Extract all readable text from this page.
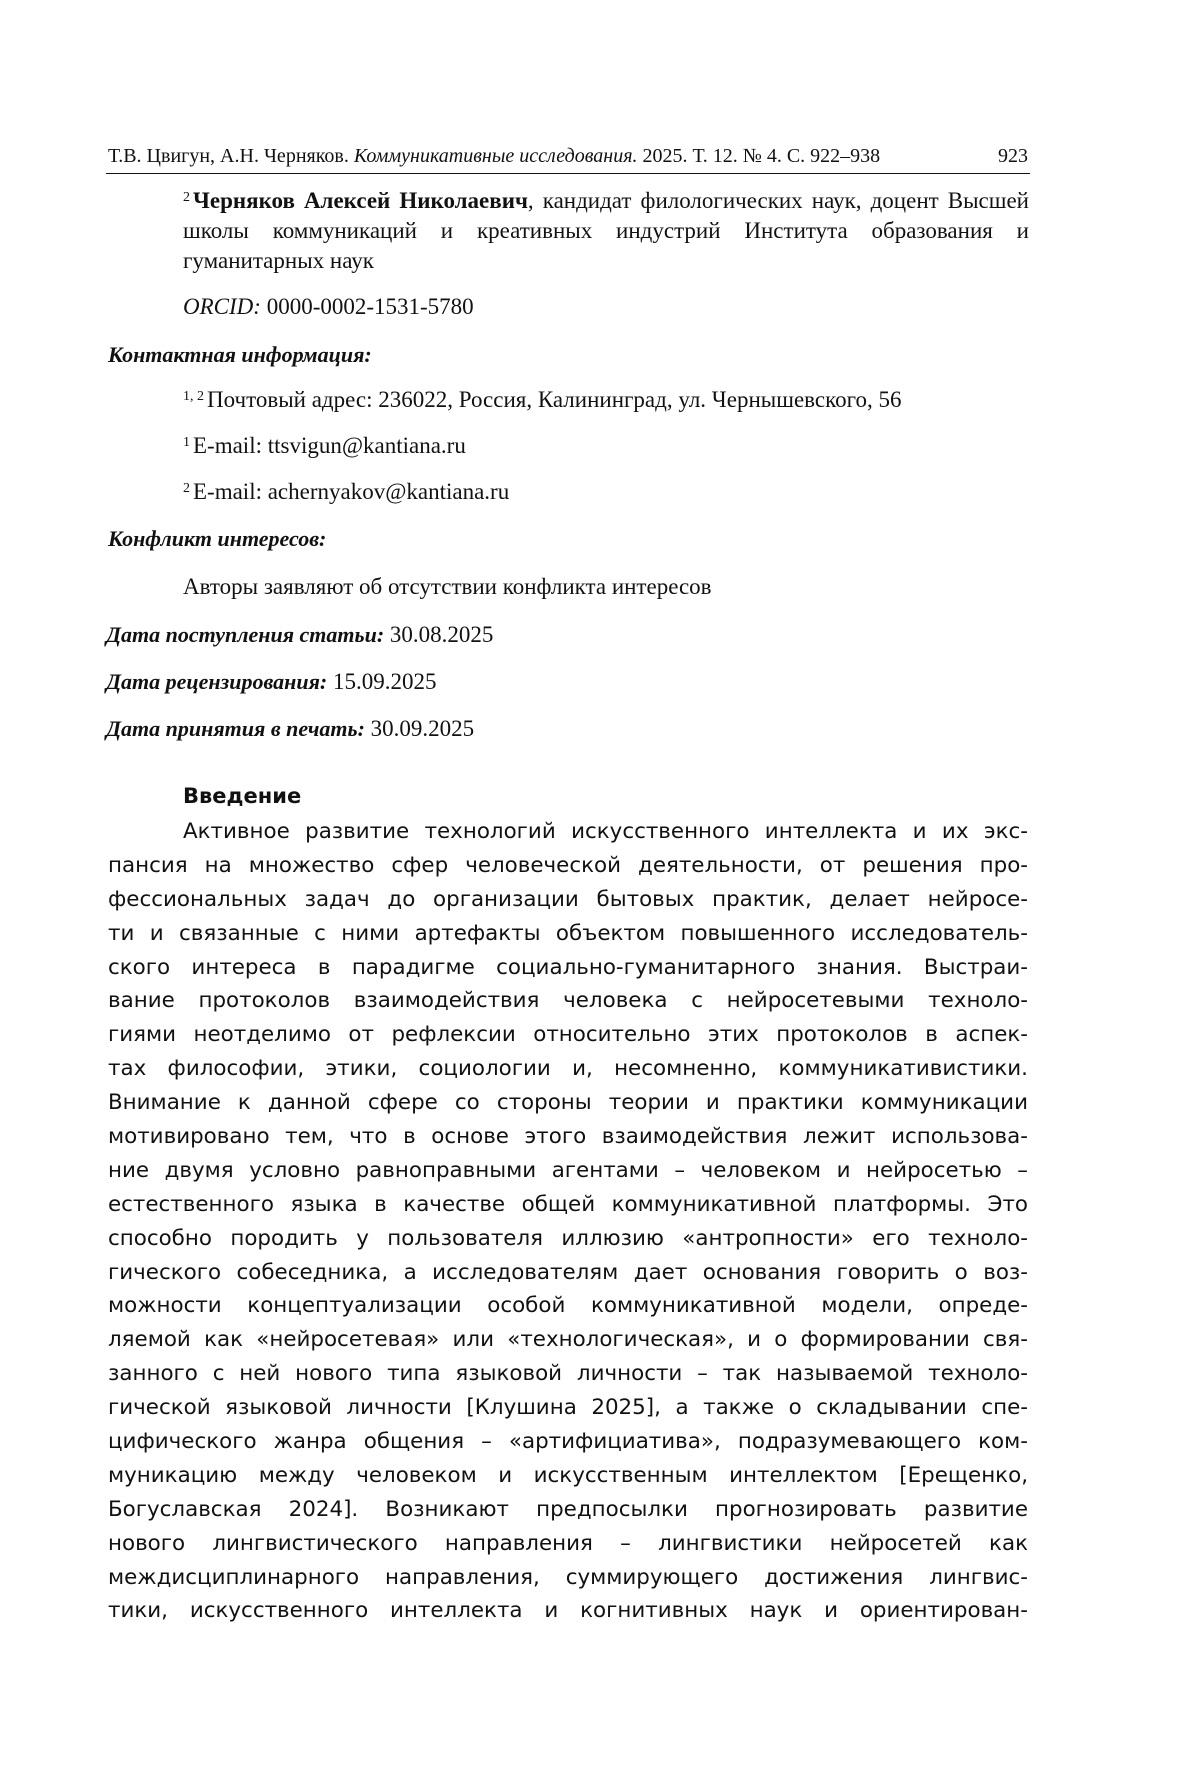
Т.В. Цвигун, А.Н. Черняков. Коммуникативные исследования. 2025. Т. 12. № 4. С. 922–938	923

$^2$ Черняков Алексей Николаевич, кандидат филологических наук, доцент Высшей школы коммуникаций и креативных индустрий Института образования и гуманитарных наук

ORCID: 0000-0002-1531-5780
Контактная информация:
$^{1, 2}$ Почтовый адрес: 236022, Россия, Калининград, ул. Чернышевского, 56
$^1$ E-mail: ttsvigun@kantiana.ru
$^2$ E-mail: achernyakov@kantiana.ru
Конфликт интересов:
Авторы заявляют об отсутствии конфликта интересов
Дата поступления статьи: 30.08.2025
Дата рецензирования: 15.09.2025
Дата принятия в печать: 30.09.2025
Введение
Активное развитие технологий искусственного интеллекта и их экс-
пансия на множество сфер человеческой деятельности, от решения про-
фессиональных задач до организации бытовых практик, делает нейросе-
ти и связанные с ними артефакты объектом повышенного исследователь-
ского интереса в парадигме социально-гуманитарного знания. Выстраи-
вание протоколов взаимодействия человека с нейросетевыми техноло-
гиями неотделимо от рефлексии относительно этих протоколов в аспек-
тах философии, этики, социологии и, несомненно, коммуникативистики.
Внимание к данной сфере со стороны теории и практики коммуникации
мотивировано тем, что в основе этого взаимодействия лежит использова-
ние двумя условно равноправными агентами – человеком и нейросетью –
естественного языка в качестве общей коммуникативной платформы. Это
способно породить у пользователя иллюзию «антропности» его техноло-
гического собеседника, а исследователям дает основания говорить о воз-
можности концептуализации особой коммуникативной модели, опреде-
ляемой как «нейросетевая» или «технологическая», и о формировании свя-
занного с ней нового типа языковой личности – так называемой техноло-
гической языковой личности [Клушина 2025], а также о складывании спе-
цифического жанра общения – «артифициатива», подразумевающего ком-
муникацию между человеком и искусственным интеллектом [Ерещенко,
Богуславская 2024]. Возникают предпосылки прогнозировать развитие
нового лингвистического направления – лингвистики нейросетей как
междисциплинарного направления, суммирующего достижения лингвис-
тики, искусственного интеллекта и когнитивных наук и ориентирован-
